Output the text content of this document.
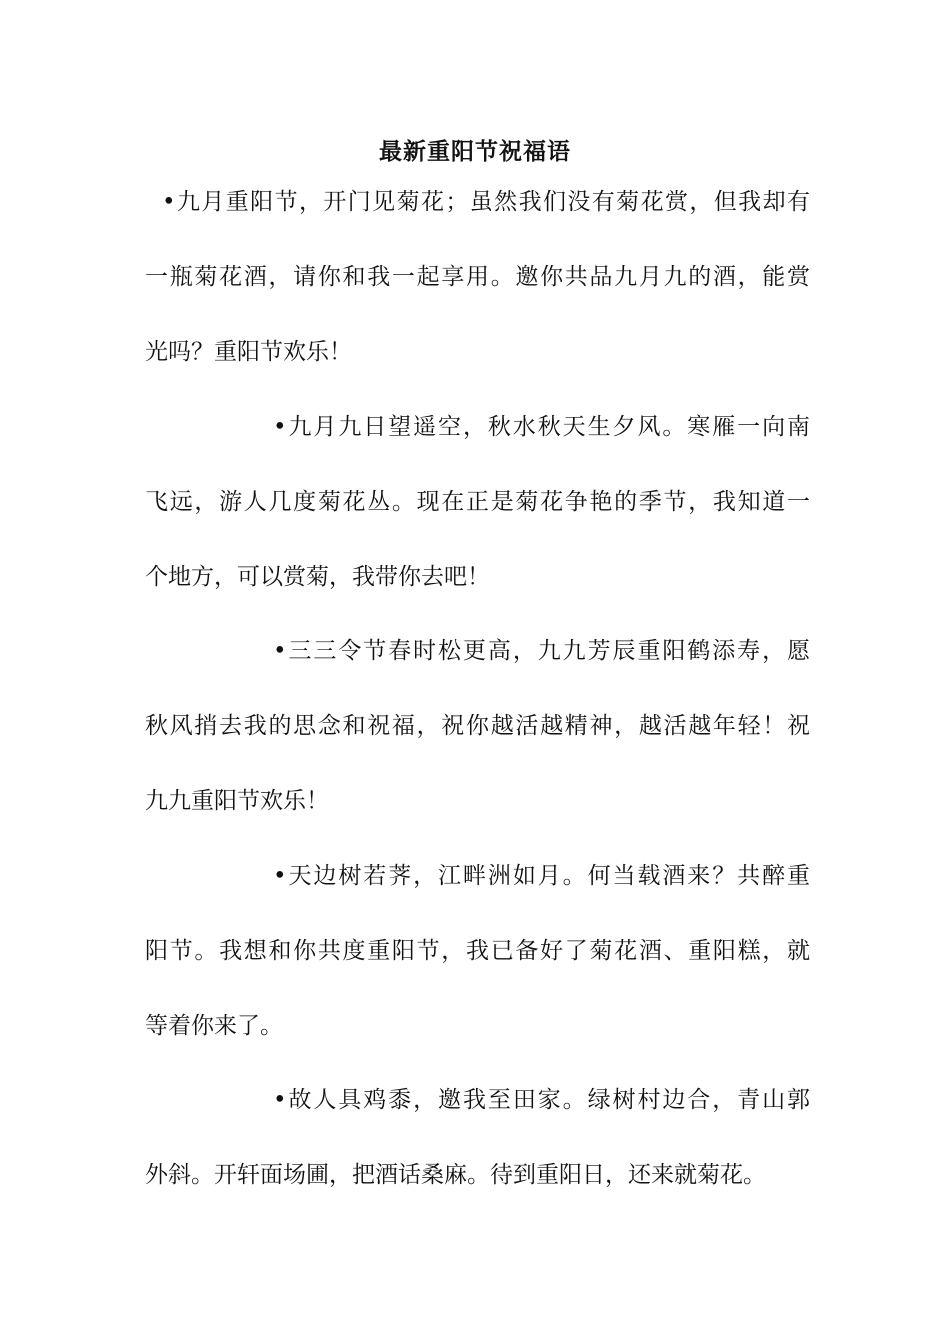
最新重阳节祝福语
•九月重阳节，开门见菊花；虽然我们没有菊花赏，但我却有
一瓶菊花酒，请你和我一起享用。邀你共品九月九的酒，能赏
光吗？重阳节欢乐！
•九月九日望遥空，秋水秋天生夕风。寒雁一向南
飞远，游人几度菊花丛。现在正是菊花争艳的季节，我知道一
个地方，可以赏菊，我带你去吧！
•三三令节春时松更高，九九芳辰重阳鹤添寿，愿
秋风捎去我的思念和祝福，祝你越活越精神，越活越年轻！祝
九九重阳节欢乐！
•天边树若荠，江畔洲如月。何当载酒来？共醉重
阳节。我想和你共度重阳节，我已备好了菊花酒、重阳糕，就
等着你来了。
•故人具鸡黍，邀我至田家。绿树村边合，青山郭
外斜。开轩面场圃，把酒话桑麻。待到重阳日，还来就菊花。
